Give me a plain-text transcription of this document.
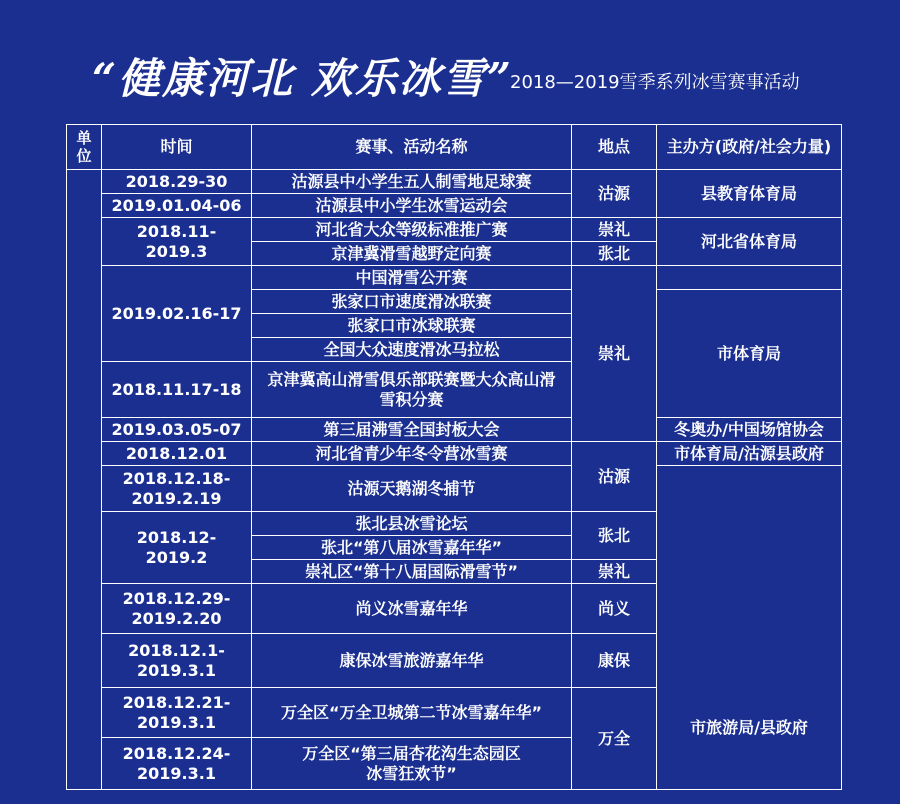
“健康河北 欢乐冰雪”
2018—2019雪季系列冰雪赛事活动
单
位	时间	赛事、活动名称	地点	主办方(政府/社会力量)
	2018.29-30	沽源县中小学生五人制雪地足球赛	沽源	县教育体育局
	2019.01.04-06	沽源县中小学生冰雪运动会		
	2018.11-
2019.3	河北省大众等级标准推广赛	崇礼	河北省体育局
		京津冀滑雪越野定向赛	张北	
	2019.02.16-17	中国滑雪公开赛	崇礼	
		张家口市速度滑冰联赛		市体育局
		张家口市冰球联赛		
		全国大众速度滑冰马拉松		
	2018.11.17-18	京津冀高山滑雪俱乐部联赛暨大众高山滑雪积分赛		
	2019.03.05-07	第三届沸雪全国封板大会		冬奥办/中国场馆协会
	2018.12.01	河北省青少年冬令营冰雪赛	沽源	市体育局/沽源县政府
	2018.12.18-
2019.2.19	沽源天鹅湖冬捕节		市旅游局/县政府
	2018.12-
2019.2	张北县冰雪论坛	张北	
		张北“第八届冰雪嘉年华”		
		崇礼区“第十八届国际滑雪节”	崇礼	
	2018.12.29-
2019.2.20	尚义冰雪嘉年华	尚义	
	2018.12.1-
2019.3.1	康保冰雪旅游嘉年华	康保	
	2018.12.21-
2019.3.1	万全区“万全卫城第二节冰雪嘉年华”	万全	
	2018.12.24-
2019.3.1	万全区“第三届杏花沟生态园区
冰雪狂欢节”		
